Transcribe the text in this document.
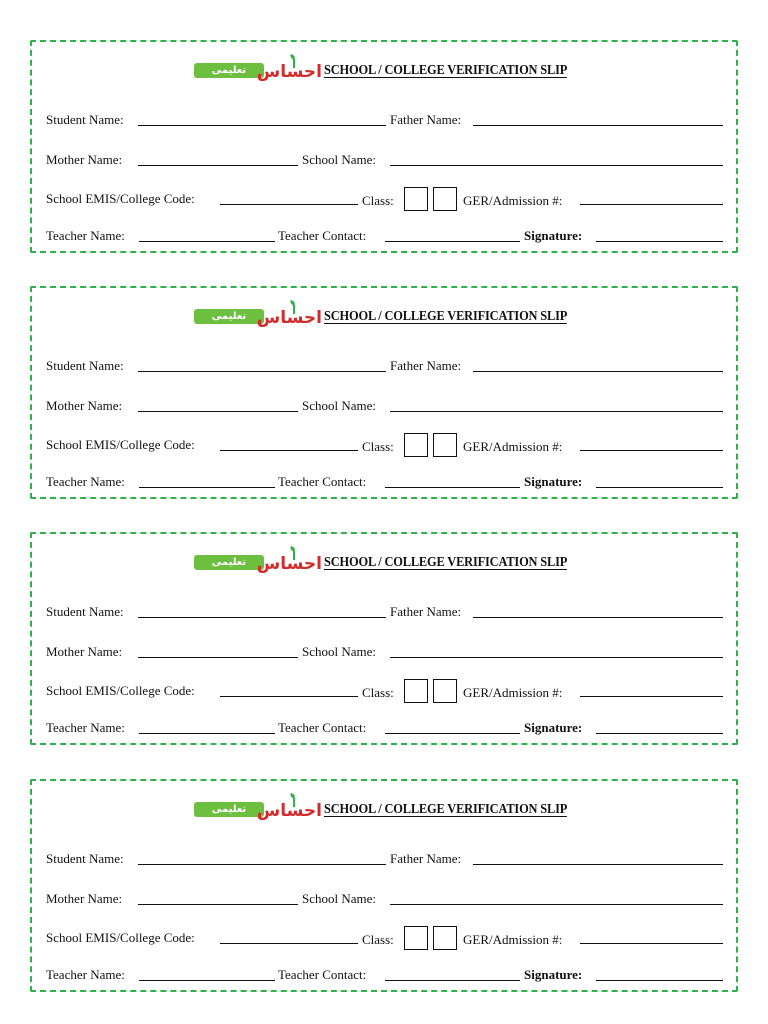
تعلیمی وظائف
احساس SCHOOL / COLLEGE VERIFICATION SLIP
Student Name:	Father Name:
Mother Name:	School Name:
School EMIS/College Code:	Class:	GER/Admission #:
Teacher Name:	Teacher Contact:	Signature:
تعلیمی وظائف
احساس SCHOOL / COLLEGE VERIFICATION SLIP
Student Name:	Father Name:
Mother Name:	School Name:
School EMIS/College Code:	Class:	GER/Admission #:
Teacher Name:	Teacher Contact:	Signature:
تعلیمی وظائف
احساس SCHOOL / COLLEGE VERIFICATION SLIP
Student Name:	Father Name:
Mother Name:	School Name:
School EMIS/College Code:	Class:	GER/Admission #:
Teacher Name:	Teacher Contact:	Signature:
تعلیمی وظائف
احساس SCHOOL / COLLEGE VERIFICATION SLIP
Student Name:	Father Name:
Mother Name:	School Name:
School EMIS/College Code:	Class:	GER/Admission #:
Teacher Name:	Teacher Contact:	Signature:
